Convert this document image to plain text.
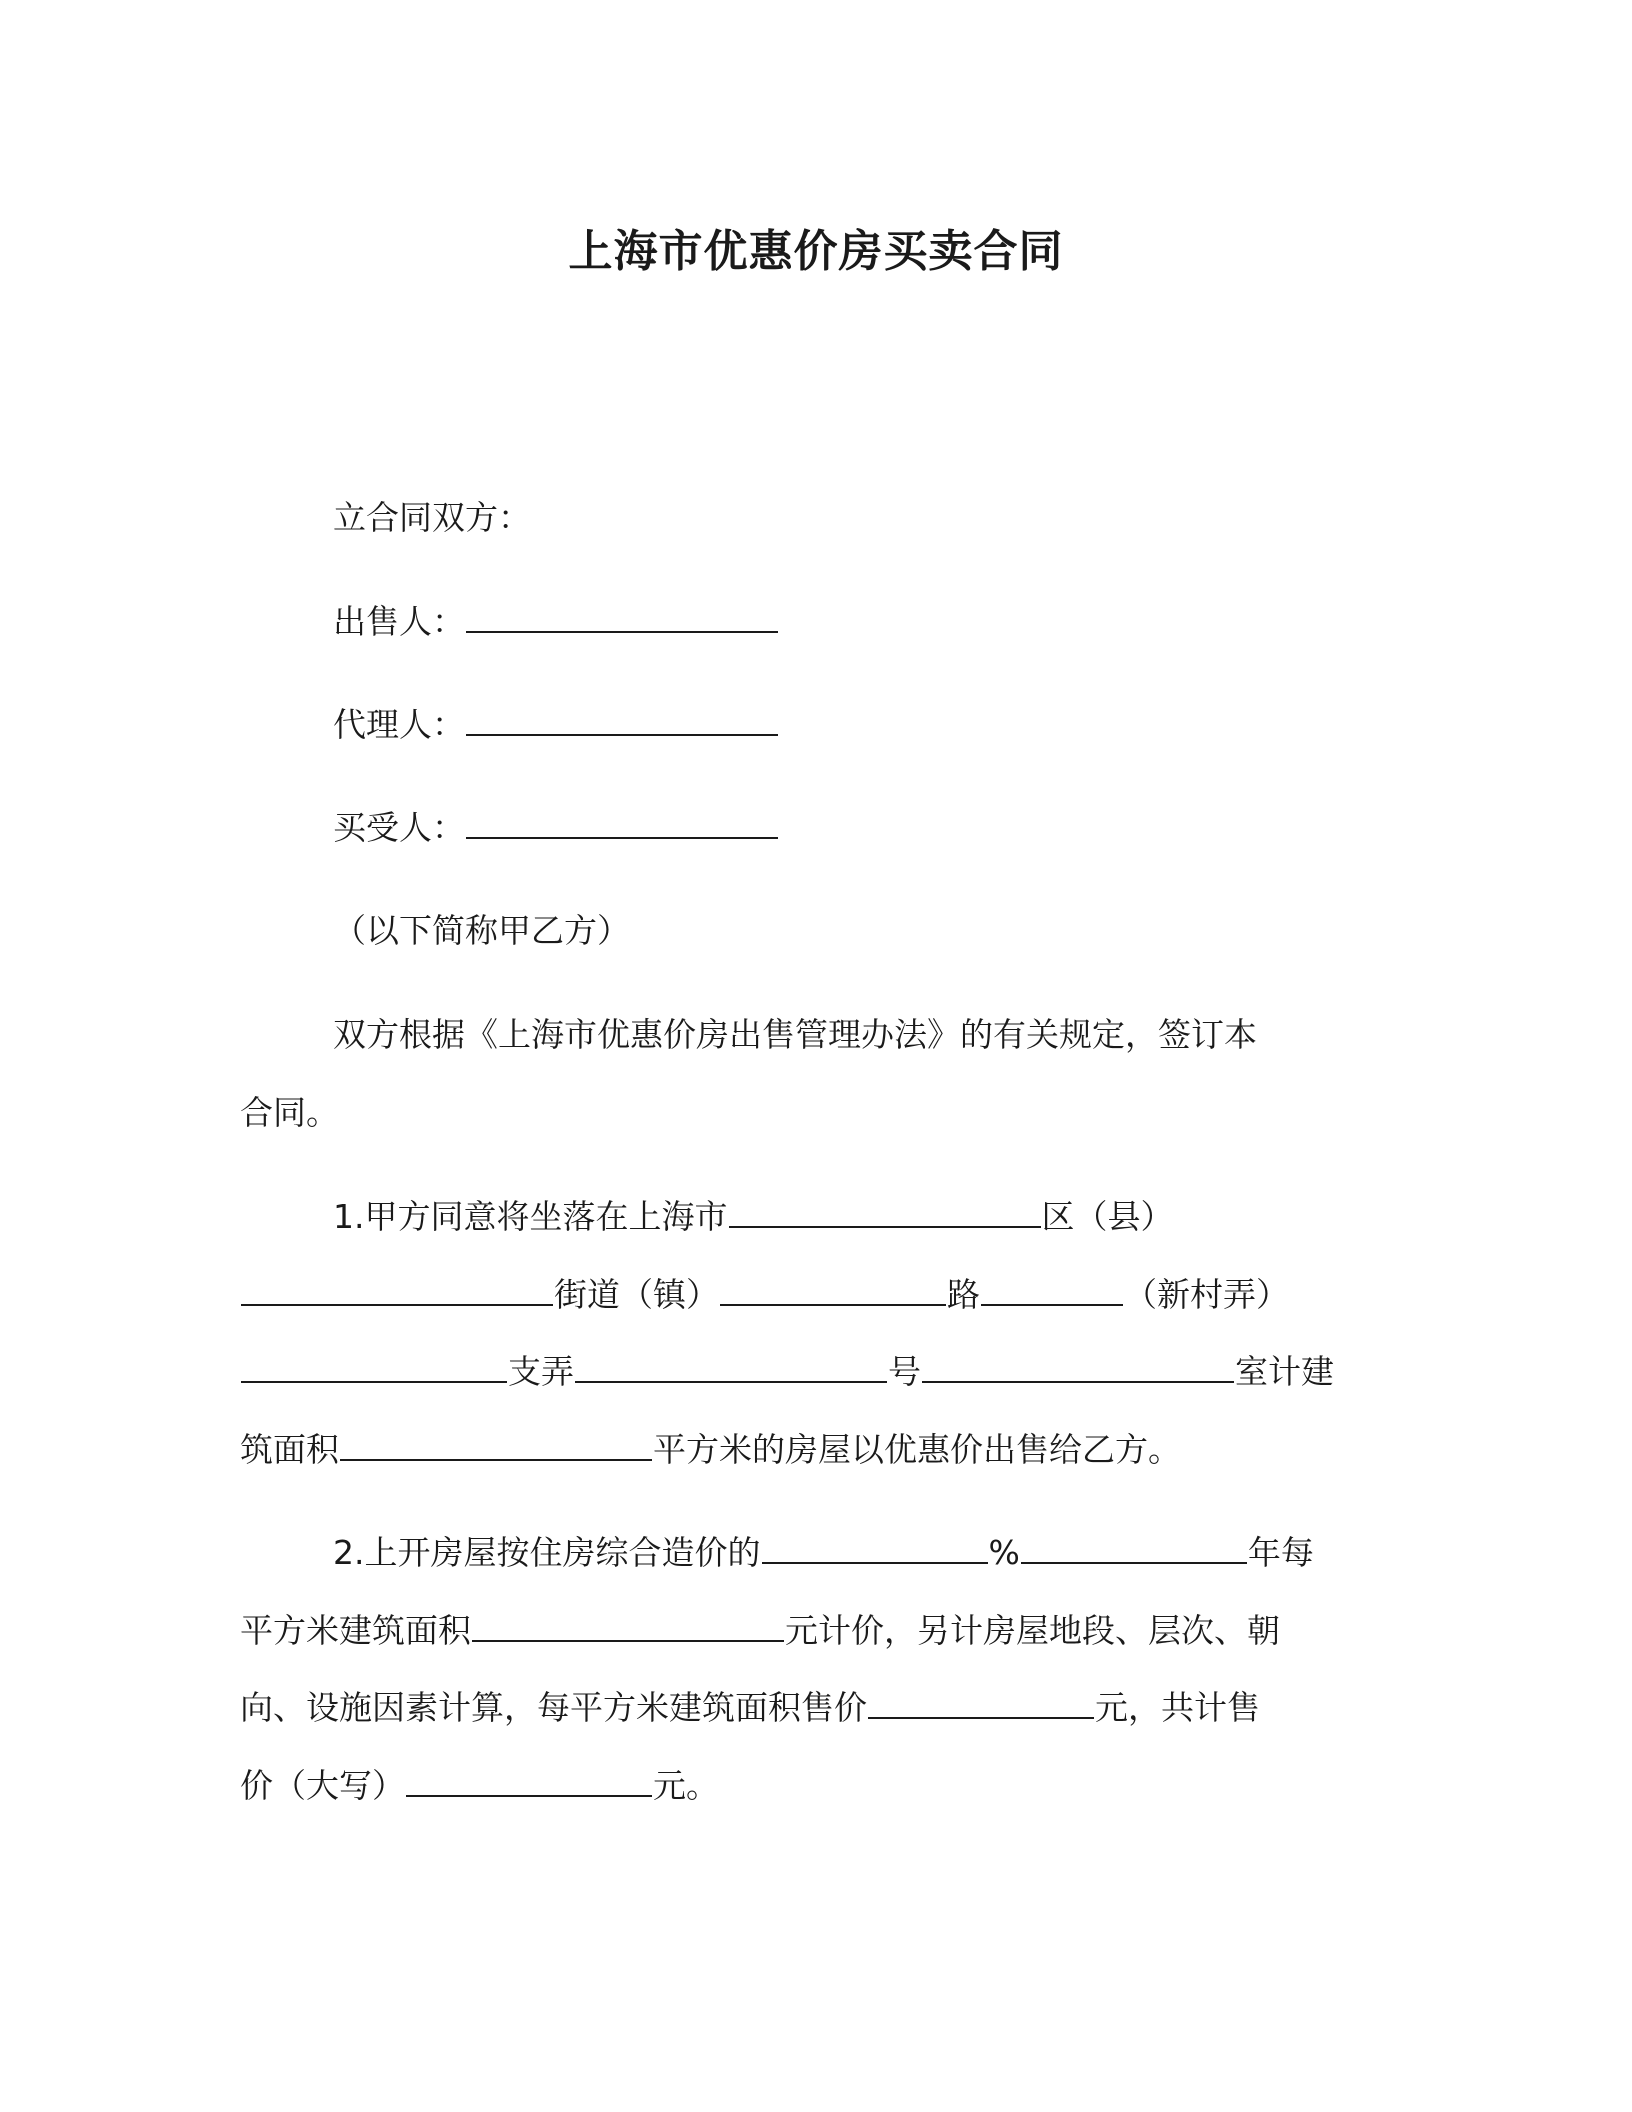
上海市优惠价房买卖合同
立合同双方：
出售人：
代理人：
买受人：
（以下简称甲乙方）
双方根据《上海市优惠价房出售管理办法》的有关规定，签订本
合同。
1.甲方同意将坐落在上海市	区（县）
街道（镇）	路	（新村弄）
支弄	号	室计建
筑面积	平方米的房屋以优惠价出售给乙方。
2.上开房屋按住房综合造价的	%	年每
平方米建筑面积	元计价，另计房屋地段、层次、朝
向、设施因素计算，每平方米建筑面积售价	元，共计售
价（大写）	元。
